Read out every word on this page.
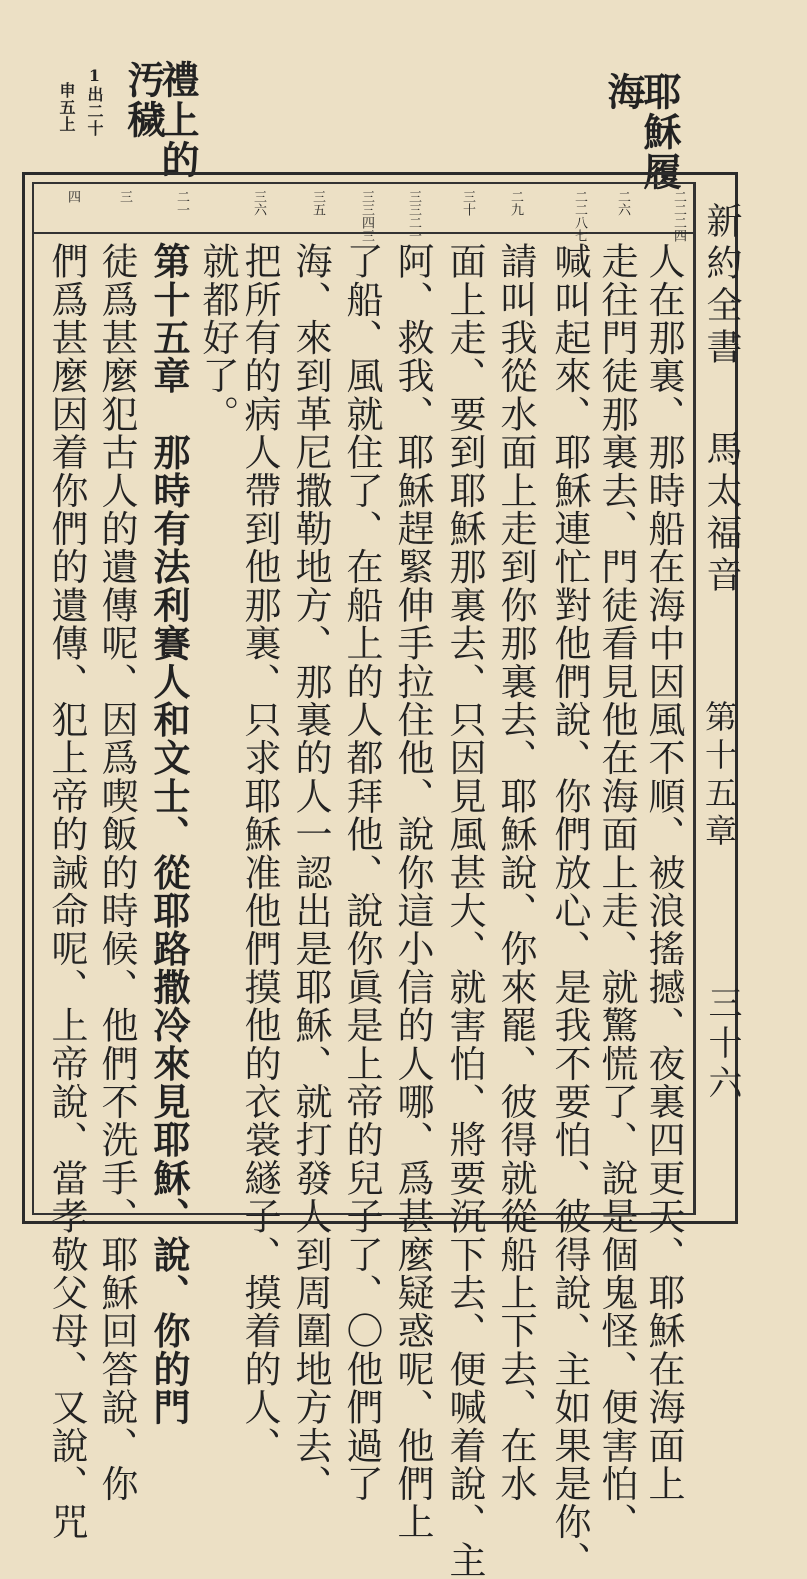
耶穌履
海
禮上的
汚穢
1出二十
申五上
新約全書
馬太福音
第十五章
三十六
二二二四
二六
二二八七
二九
三十
三三二一
三三四三
三五
三六
二一
三
四
人在那裏、那時船在海中因風不順、被浪搖撼、夜裏四更天、耶穌在海面上
走往門徒那裏去、門徒看見他在海面上走、就驚慌了、說是個鬼怪、便害怕、
喊叫起來、耶穌連忙對他們說、你們放心、是我不要怕、彼得說、主如果是你、
請叫我從水面上走到你那裏去、耶穌說、你來罷、彼得就從船上下去、在水
面上走、要到耶穌那裏去、只因見風甚大、就害怕、將要沉下去、便喊着說、主
阿、救我、耶穌趕緊伸手拉住他、說你這小信的人哪、爲甚麼疑惑呢、他們上
了船、風就住了、在船上的人都拜他、說你眞是上帝的兒子了、〇他們過了
海、來到革尼撒勒地方、那裏的人一認出是耶穌、就打發人到周圍地方去、
把所有的病人帶到他那裏、只求耶穌准他們摸他的衣裳繸子、摸着的人、
就都好了。
第十五章　那時有法利賽人和文士、從耶路撒冷來見耶穌、說、你的門
徒爲甚麼犯古人的遺傳呢、因爲喫飯的時候、他們不洗手、耶穌回答說、你
們爲甚麼因着你們的遺傳、犯上帝的誡命呢、上帝說、當孝敬父母、又說、咒
